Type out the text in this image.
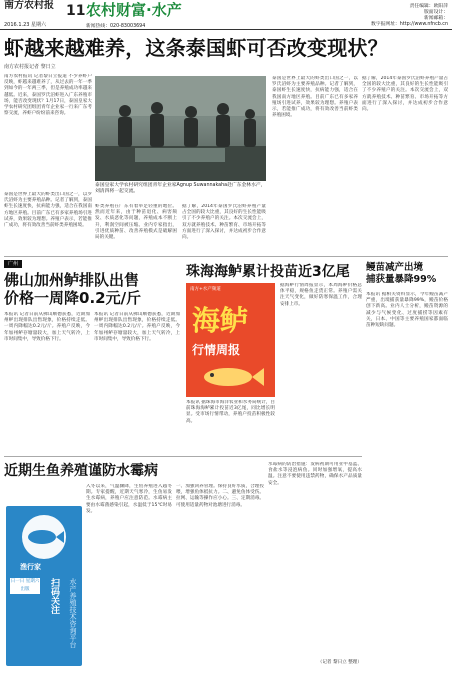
南方农村报
2016.1.23 星期六
11 农村财富·水产
新闻热线：020-83003694
责任编辑：欧阳萍
版面设计：
新闻邮箱：
数字报网址：http://www.nfncb.cn
虾越来越难养，这条泰国虾可否改变现状？
南方农村报记者 黎日立
南方农村报讯 记者黎日立报道 不少养虾户反映，虾越来越难养了，从过去的一年一季到如今的一年两三季，但是养殖成功率越来越低。近来，泰国罗氏沼虾进入广东养殖市场，能否改变现状？1月17日，泰国皇家大学农村研究团组团青年企业家一行来广东考察交流，养虾户纷纷前来咨询。
泰国是世界上最大的虾类出口国之一，以罗氏沼虾为主要养殖品种。记者了解到，泰国虾生长速度快，抗病能力强，适合在我国南方地区养殖。目前广东已有多家养殖场引进试养，效果较为理想。养殖户表示，若能推广成功，将有效改善当前虾类养殖困境。
泰国皇家大学农村研究组团青年企业家Agnup Suwannakaha赴广东金林水产，刘清四将一起交流。
虾类养殖在广东有着举足轻重的地位。然而近年来，由于种苗退化、病害频发、水质恶化等问题，养殖成本不断上升，利润空间被压缩。业内专家指出，引进优质种苗、改善养殖模式是破解困局的关键。
据了解，2014年泰国罗氏沼虾养殖产量占全国的较大比重，其良好的生长性能吸引了不少养殖户的关注。本次交流会上，双方就养殖技术、种苗繁育、市场开拓等方面进行了深入探讨，并达成初步合作意向。
泰国是世界上最大的虾类出口国之一，以罗氏沼虾为主要养殖品种。记者了解到，泰国虾生长速度快，抗病能力强，适合在我国南方地区养殖。目前广东已有多家养殖场引进试养，效果较为理想。养殖户表示，若能推广成功，将有效改善当前虾类养殖困境。
据了解，2014年泰国罗氏沼虾养殖产量占全国的较大比重，其良好的生长性能吸引了不少养殖户的关注。本次交流会上，双方就养殖技术、种苗繁育、市场开拓等方面进行了深入探讨，并达成初步合作意向。
广州
佛山加州鲈排队出售
价格一周降0.2元/斤
本报讯 记者日前从佛山顺德获悉，近期加州鲈出现排队出售现象，价格持续走低。一周内降幅达0.2元/斤。养殖户反映，今年加州鲈存塘量较大，加上天气转冷，上市时间集中，导致价格下行。
本报讯 记者日前从佛山顺德获悉，近期加州鲈出现排队出售现象，价格持续走低。一周内降幅达0.2元/斤。养殖户反映，今年加州鲈存塘量较大，加上天气转冷，上市时间集中，导致价格下行。
珠海海鲈累计投苗近3亿尾
南方+水产频道
海鲈
行情周报
本报讯 据珠海市海洋农业和水务局统计，目前珠海海鲈累计投苗近3亿尾，同比增长明显。受市场行情带动，养殖户投苗积极性较高。
据海鲈行情周报显示，本周海鲈价格总体平稳，规格鱼走货正常。养殖户需关注天气变化，做好防寒保温工作，合理安排上市。
鳗苗减产出境
捕获量暴降99%
本报讯 据相关资料显示，今年鳗苗减产严重，出境捕获量暴降99%，鳗苗价格创下新高。业内人士分析，鳗苗资源的减少与气候变化、过度捕捞等因素有关，日本、中国等主要养殖国家都面临苗种短缺问题。
近期生鱼养殖谨防水霉病
渔行家
日一日 星期六出版	扫码关注	水产养殖技术咨询平台
入冬以来，气温骤降，生鱼养殖进入越冬期。专家提醒，近期天气寒冷，生鱼易发生水霉病，养殖户应注意防范。水霉病主要由水霉菌感染引起，水温低于15℃时易发。
一、加强饲养管理。保持良好水质，合理投喂，增强鱼体抵抗力。二、避免鱼体受伤。拉网、运输等操作应小心。三、定期消毒。可使用适量药物对池塘进行消毒。
水霉病的防治措施：发病初期可用亚甲基蓝、食盐水等浸泡病鱼。同时加强增氧，提高水温。注意不要使用违禁药物，确保水产品质量安全。
（记者 黎日立 整理）
